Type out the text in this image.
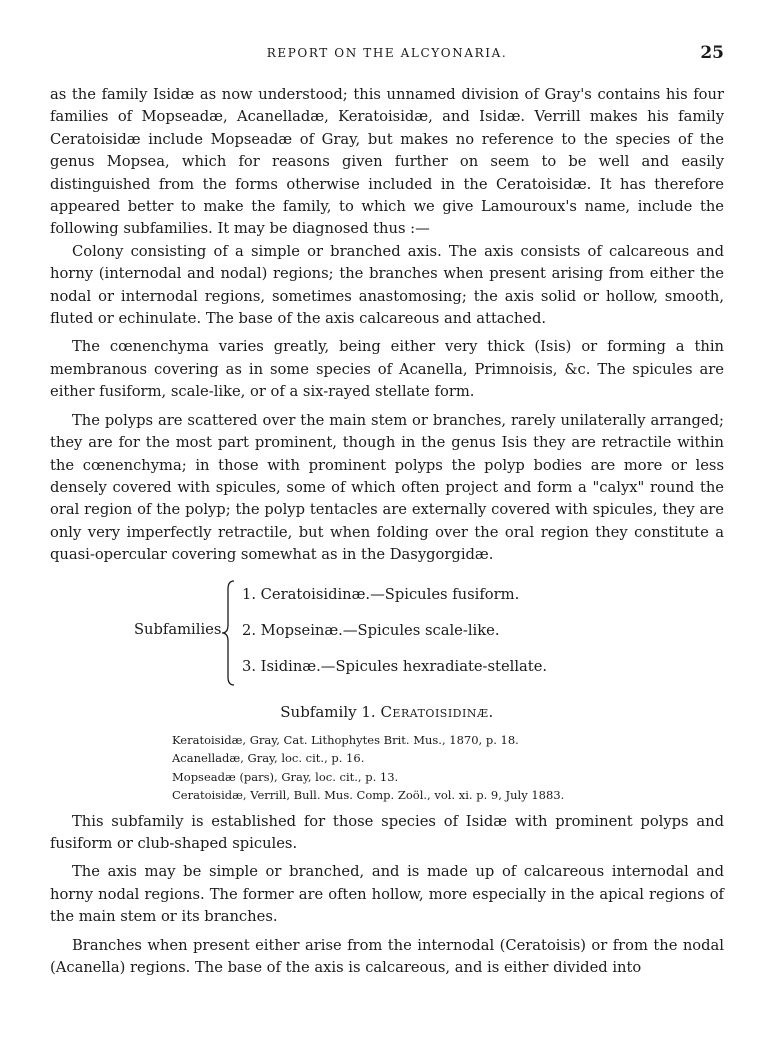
REPORT ON THE ALCYONARIA.	25

as the family Isidæ as now understood; this unnamed division of Gray's contains his four families of Mopseadæ, Acanelladæ, Keratoisidæ, and Isidæ. Verrill makes his family Ceratoisidæ include Mopseadæ of Gray, but makes no reference to the species of the genus Mopsea, which for reasons given further on seem to be well and easily distinguished from the forms otherwise included in the Ceratoisidæ. It has therefore appeared better to make the family, to which we give Lamouroux's name, include the following subfamilies. It may be diagnosed thus :—

Colony consisting of a simple or branched axis. The axis consists of calcareous and horny (internodal and nodal) regions; the branches when present arising from either the nodal or internodal regions, sometimes anastomosing; the axis solid or hollow, smooth, fluted or echinulate. The base of the axis calcareous and attached.

The cœnenchyma varies greatly, being either very thick (Isis) or forming a thin membranous covering as in some species of Acanella, Primnoisis, &c. The spicules are either fusiform, scale-like, or of a six-rayed stellate form.

The polyps are scattered over the main stem or branches, rarely unilaterally arranged; they are for the most part prominent, though in the genus Isis they are retractile within the cœnenchyma; in those with prominent polyps the polyp bodies are more or less densely covered with spicules, some of which often project and form a "calyx" round the oral region of the polyp; the polyp tentacles are externally covered with spicules, they are only very imperfectly retractile, but when folding over the oral region they constitute a quasi-opercular covering somewhat as in the Dasygorgidæ.

Subfamilies
1. Ceratoisidinæ.—Spicules fusiform.
2. Mopseinæ.—Spicules scale-like.
3. Isidinæ.—Spicules hexradiate-stellate.
Subfamily 1. Ceratoisidinæ.
Keratoisidæ, Gray, Cat. Lithophytes Brit. Mus., 1870, p. 18.
Acanelladæ, Gray, loc. cit., p. 16.
Mopseadæ (pars), Gray, loc. cit., p. 13.
Ceratoisidæ, Verrill, Bull. Mus. Comp. Zoöl., vol. xi. p. 9, July 1883.

This subfamily is established for those species of Isidæ with prominent polyps and fusiform or club-shaped spicules.

The axis may be simple or branched, and is made up of calcareous internodal and horny nodal regions. The former are often hollow, more especially in the apical regions of the main stem or its branches.

Branches when present either arise from the internodal (Ceratoisis) or from the nodal (Acanella) regions. The base of the axis is calcareous, and is either divided into
